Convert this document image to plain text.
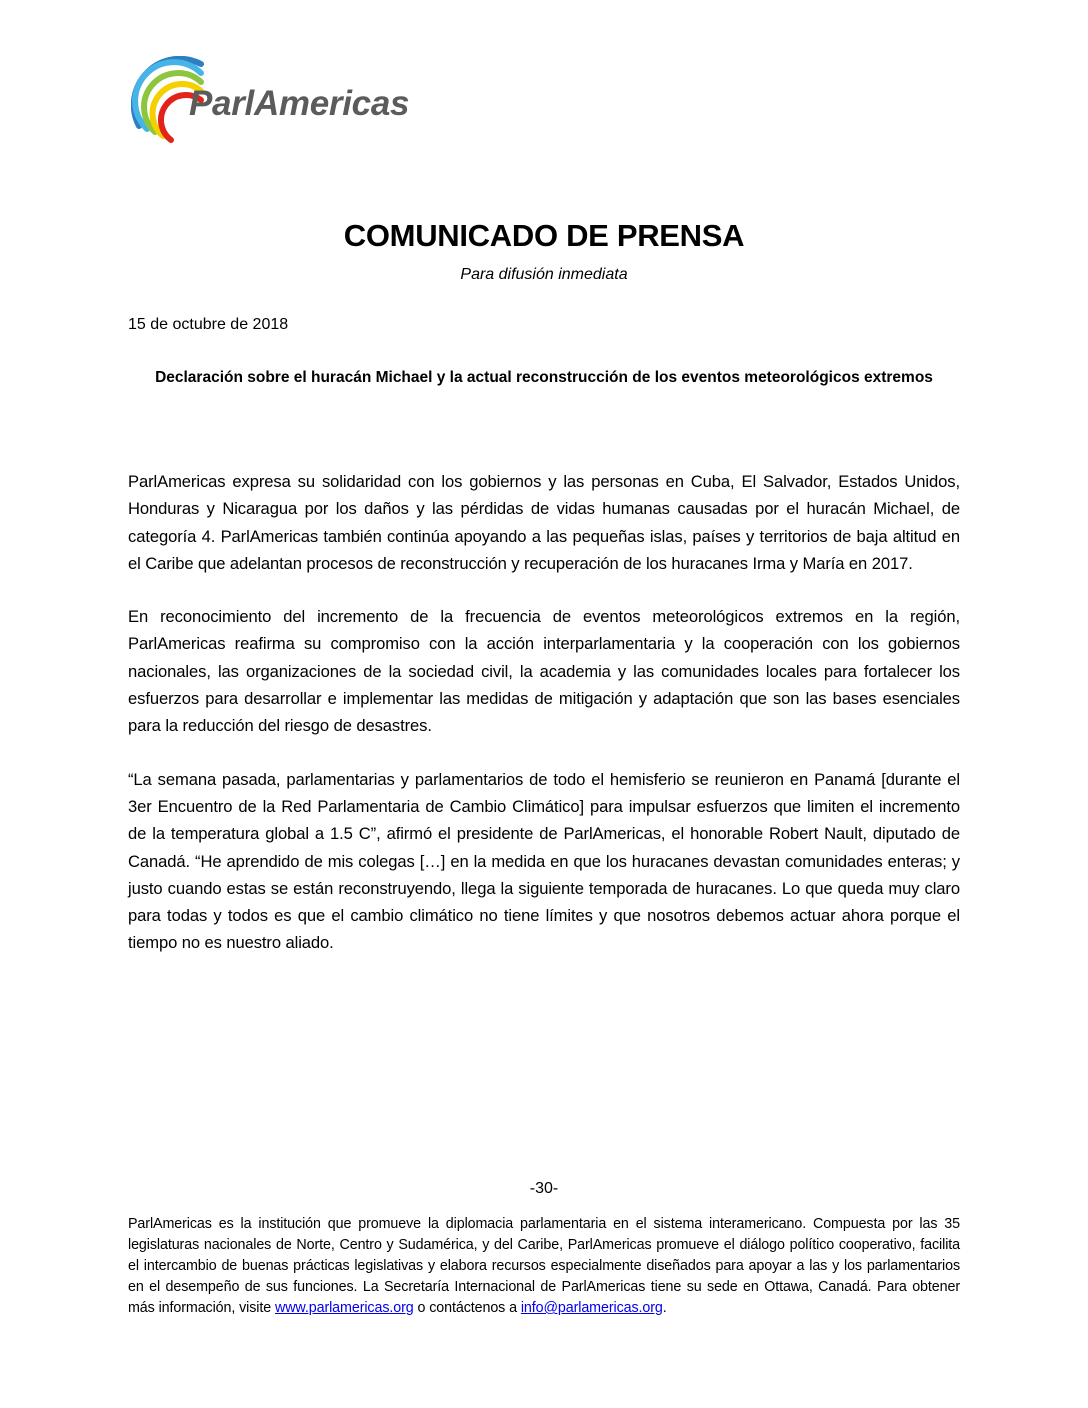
ParlAmericas
COMUNICADO DE PRENSA
Para difusión inmediata
15 de octubre de 2018
Declaración sobre el huracán Michael y la actual reconstrucción de los eventos meteorológicos extremos

ParlAmericas expresa su solidaridad con los gobiernos y las personas en Cuba, El Salvador, Estados Unidos, Honduras y Nicaragua por los daños y las pérdidas de vidas humanas causadas por el huracán Michael, de categoría 4. ParlAmericas también continúa apoyando a las pequeñas islas, países y territorios de baja altitud en el Caribe que adelantan procesos de reconstrucción y recuperación de los huracanes Irma y María en 2017.

En reconocimiento del incremento de la frecuencia de eventos meteorológicos extremos en la región, ParlAmericas reafirma su compromiso con la acción interparlamentaria y la cooperación con los gobiernos nacionales, las organizaciones de la sociedad civil, la academia y las comunidades locales para fortalecer los esfuerzos para desarrollar e implementar las medidas de mitigación y adaptación que son las bases esenciales para la reducción del riesgo de desastres.

“La semana pasada, parlamentarias y parlamentarios de todo el hemisferio se reunieron en Panamá [durante el 3er Encuentro de la Red Parlamentaria de Cambio Climático] para impulsar esfuerzos que limiten el incremento de la temperatura global a 1.5 C”, afirmó el presidente de ParlAmericas, el honorable Robert Nault, diputado de Canadá. “He aprendido de mis colegas […] en la medida en que los huracanes devastan comunidades enteras; y justo cuando estas se están reconstruyendo, llega la siguiente temporada de huracanes. Lo que queda muy claro para todas y todos es que el cambio climático no tiene límites y que nosotros debemos actuar ahora porque el tiempo no es nuestro aliado.

-30-
ParlAmericas es la institución que promueve la diplomacia parlamentaria en el sistema interamericano. Compuesta por las 35 legislaturas nacionales de Norte, Centro y Sudamérica, y del Caribe, ParlAmericas promueve el diálogo político cooperativo, facilita el intercambio de buenas prácticas legislativas y elabora recursos especialmente diseñados para apoyar a las y los parlamentarios en el desempeño de sus funciones. La Secretaría Internacional de ParlAmericas tiene su sede en Ottawa, Canadá. Para obtener más información, visite www.parlamericas.org o contáctenos a info@parlamericas.org.
